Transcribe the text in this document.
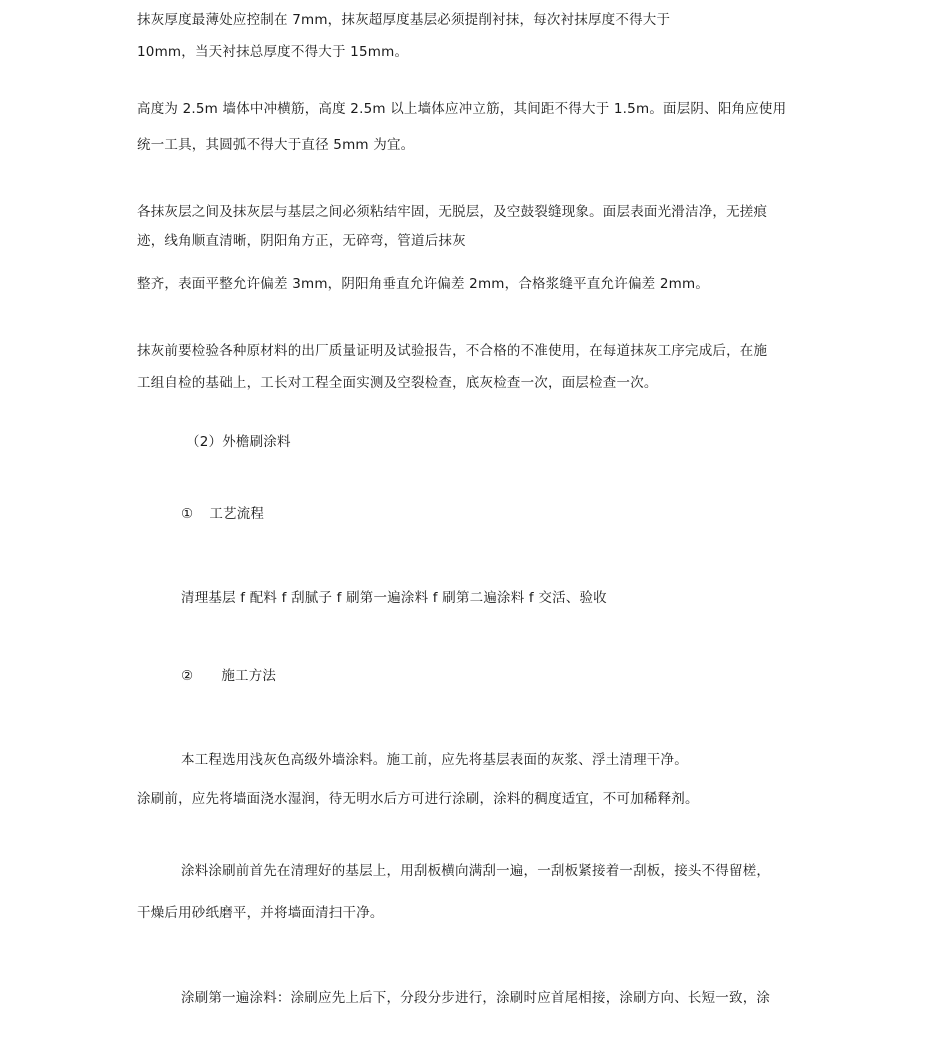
抹灰厚度最薄处应控制在 7mm，抹灰超厚度基层必须提削衬抹，每次衬抹厚度不得大于
10mm，当天衬抹总厚度不得大于 15mm。
高度为 2.5m 墙体中冲横筋，高度 2.5m 以上墙体应冲立筋，其间距不得大于 1.5m。面层阴、阳角应使用
统一工具，其圆弧不得大于直径 5mm 为宜。
各抹灰层之间及抹灰层与基层之间必须粘结牢固，无脱层，及空鼓裂缝现象。面层表面光滑洁净，无搓痕
迹，线角顺直清晰，阴阳角方正，无碎弯，管道后抹灰
整齐，表面平整允许偏差 3mm，阴阳角垂直允许偏差 2mm，合格浆缝平直允许偏差 2mm。
抹灰前要检验各种原材料的出厂质量证明及试验报告，不合格的不准使用，在每道抹灰工序完成后，在施
工组自检的基础上，工长对工程全面实测及空裂检查，底灰检查一次，面层检查一次。
（2）外檐刷涂料
① 工艺流程
清理基层 f 配料 f 刮腻子 f 刷第一遍涂料 f 刷第二遍涂料 f 交活、验收
② 施工方法
本工程选用浅灰色高级外墙涂料。施工前，应先将基层表面的灰浆、浮土清理干净。
涂刷前，应先将墙面浇水湿润，待无明水后方可进行涂刷，涂料的稠度适宜，不可加稀释剂。
涂料涂刷前首先在清理好的基层上，用刮板横向满刮一遍，一刮板紧接着一刮板，接头不得留槎，
干燥后用砂纸磨平，并将墙面清扫干净。
涂刷第一遍涂料：涂刷应先上后下，分段分步进行，涂刷时应首尾相接，涂刷方向、长短一致，涂
